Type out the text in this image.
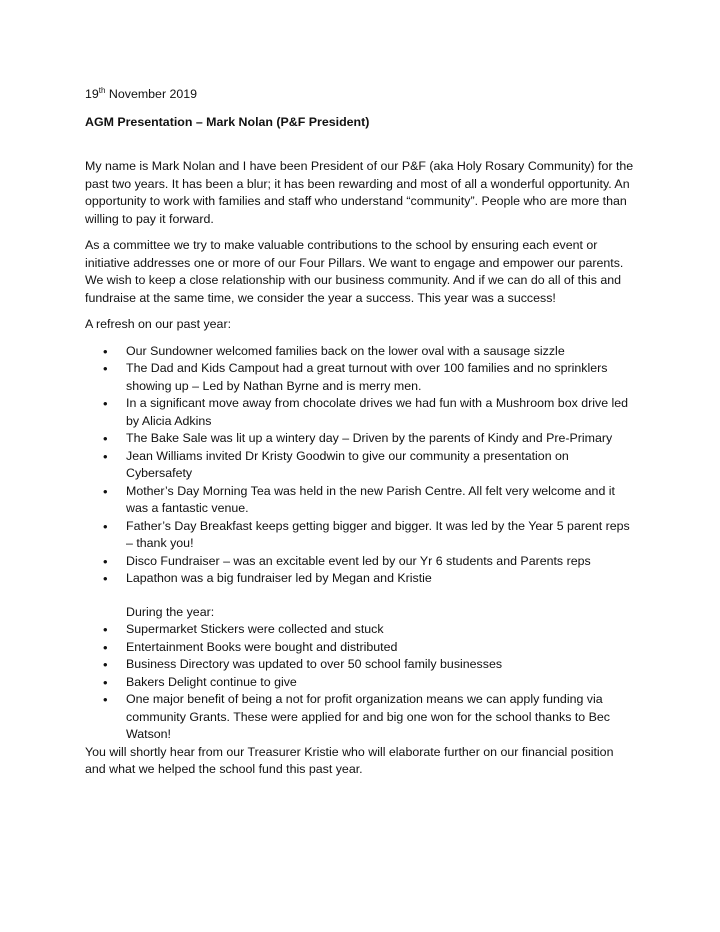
19th November 2019
AGM Presentation – Mark Nolan (P&F President)

My name is Mark Nolan and I have been President of our P&F (aka Holy Rosary Community) for the past two years. It has been a blur; it has been rewarding and most of all a wonderful opportunity. An opportunity to work with families and staff who understand “community”. People who are more than willing to pay it forward.

As a committee we try to make valuable contributions to the school by ensuring each event or initiative addresses one or more of our Four Pillars. We want to engage and empower our parents. We wish to keep a close relationship with our business community. And if we can do all of this and fundraise at the same time, we consider the year a success. This year was a success!

A refresh on our past year:

• Our Sundowner welcomed families back on the lower oval with a sausage sizzle
• The Dad and Kids Campout had a great turnout with over 100 families and no sprinklers showing up – Led by Nathan Byrne and is merry men.
• In a significant move away from chocolate drives we had fun with a Mushroom box drive led by Alicia Adkins
• The Bake Sale was lit up a wintery day – Driven by the parents of Kindy and Pre-Primary
• Jean Williams invited Dr Kristy Goodwin to give our community a presentation on Cybersafety
• Mother’s Day Morning Tea was held in the new Parish Centre. All felt very welcome and it was a fantastic venue.
• Father’s Day Breakfast keeps getting bigger and bigger. It was led by the Year 5 parent reps – thank you!
• Disco Fundraiser – was an excitable event led by our Yr 6 students and Parents reps
• Lapathon was a big fundraiser led by Megan and Kristie
During the year:
• Supermarket Stickers were collected and stuck
• Entertainment Books were bought and distributed
• Business Directory was updated to over 50 school family businesses
• Bakers Delight continue to give
• One major benefit of being a not for profit organization means we can apply funding via community Grants. These were applied for and big one won for the school thanks to Bec Watson!

You will shortly hear from our Treasurer Kristie who will elaborate further on our financial position and what we helped the school fund this past year.
